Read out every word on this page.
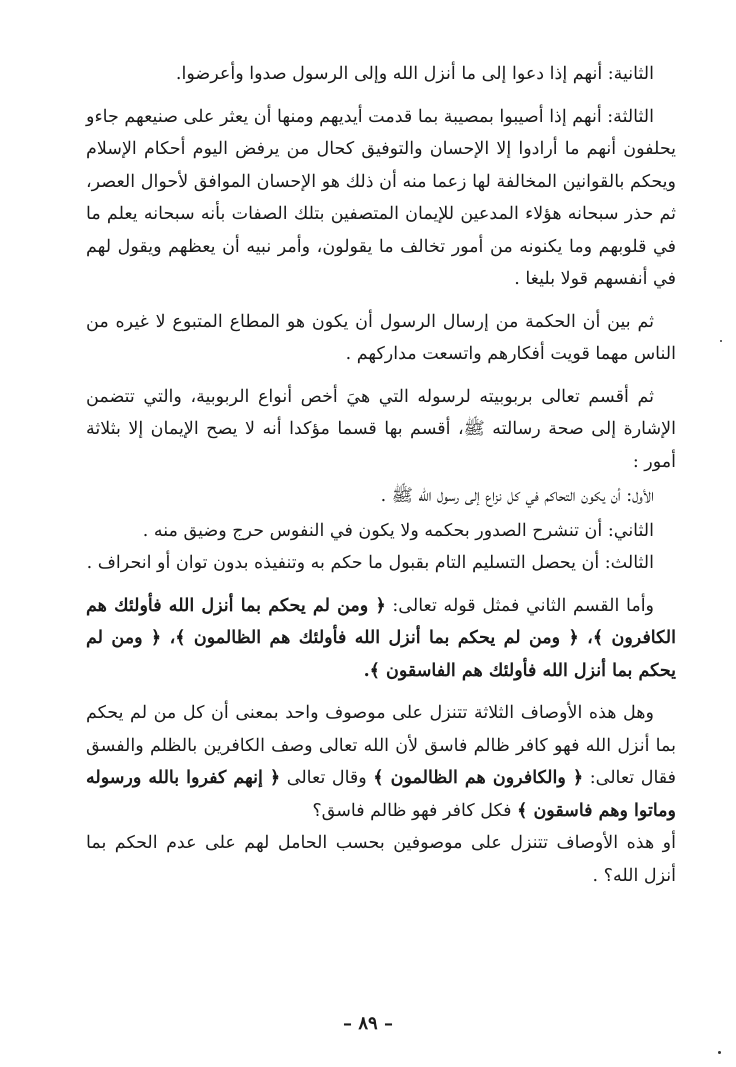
الثانية: أنهم إذا دعوا إلى ما أنزل الله وإلى الرسول صدوا وأعرضوا.

الثالثة: أنهم إذا أصيبوا بمصيبة بما قدمت أيديهم ومنها أن يعثر على صنيعهم جاءو يحلفون أنهم ما أرادوا إلا الإحسان والتوفيق كحال من يرفض اليوم أحكام الإسلام ويحكم بالقوانين المخالفة لها زعما منه أن ذلك هو الإحسان الموافق لأحوال العصر، ثم حذر سبحانه هؤلاء المدعين للإيمان المتصفين بتلك الصفات بأنه سبحانه يعلم ما في قلوبهم وما يكنونه من أمور تخالف ما يقولون، وأمر نبيه أن يعظهم ويقول لهم في أنفسهم قولا بليغا .

ثم بين أن الحكمة من إرسال الرسول أن يكون هو المطاع المتبوع لا غيره من الناس مهما قويت أفكارهم واتسعت مداركهم .

ثم أقسم تعالى بربوبيته لرسوله التي هيَ أخص أنواع الربوبية، والتي تتضمن الإشارة إلى صحة رسالته ﷺ، أقسم بها قسما مؤكدا أنه لا يصح الإيمان إلا بثلاثة أمور :

الأول: أن يكون التحاكم في كل نزاع إلى رسول الله ﷺ .

الثاني: أن تنشرح الصدور بحكمه ولا يكون في النفوس حرج وضيق منه .

الثالث: أن يحصل التسليم التام بقبول ما حكم به وتنفيذه بدون توان أو انحراف .

وأما القسم الثاني فمثل قوله تعالى: ﴿ ومن لم يحكم بما أنزل الله فأولئك هم الكافرون ﴾، ﴿ ومن لم يحكم بما أنزل الله فأولئك هم الظالمون ﴾، ﴿ ومن لم يحكم بما أنزل الله فأولئك هم الفاسقون ﴾.

وهل هذه الأوصاف الثلاثة تتنزل على موصوف واحد بمعنى أن كل من لم يحكم بما أنزل الله فهو كافر ظالم فاسق لأن الله تعالى وصف الكافرين بالظلم والفسق فقال تعالى: ﴿ والكافرون هم الظالمون ﴾ وقال تعالى ﴿ إنهم كفروا بالله ورسوله وماتوا وهم فاسقون ﴾ فكل كافر فهو ظالم فاسق؟

أو هذه الأوصاف تتنزل على موصوفين بحسب الحامل لهم على عدم الحكم بما أنزل الله؟ .

– ٨٩ –
